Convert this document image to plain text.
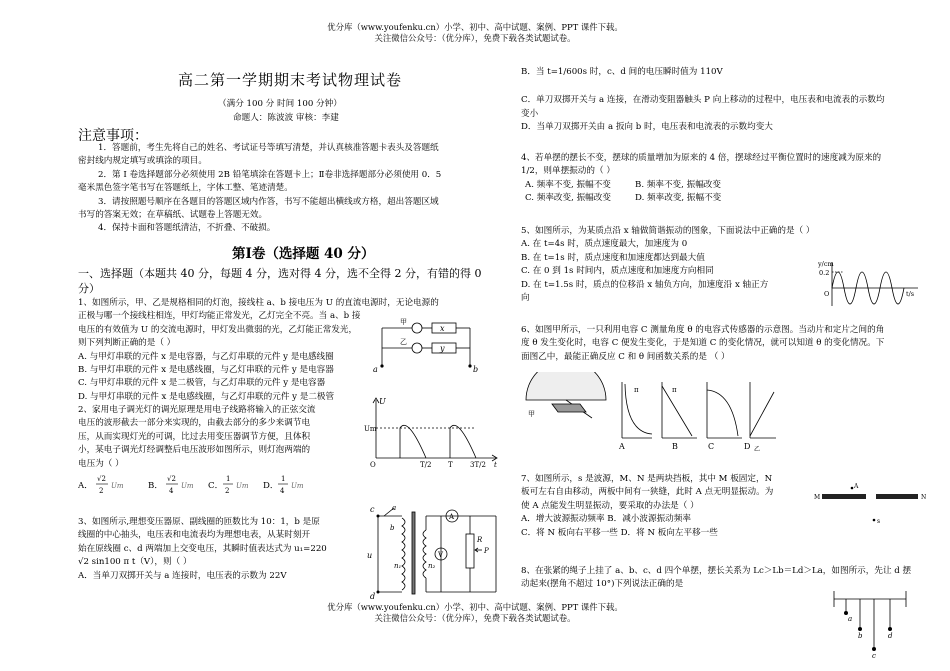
优分库（www.youfenku.cn）小学、初中、高中试题、案例、PPT 课件下载。
关注微信公众号：（优分库），免费下载各类试题试卷。
高二第一学期期末考试物理试卷
（满分 100 分 时间 100 分钟）
命题人：陈波波 审核：李建
注意事项：
1．答题前，考生先将自己的姓名、考试证号等填写清楚，并认真核准答题卡表头及答题纸
密封线内规定填写或填涂的项目。
2．第 I 卷选择题部分必须使用 2B 铅笔填涂在答题卡上；Ⅱ卷非选择题部分必须使用 0．5
毫米黑色签字笔书写在答题纸上，字体工整、笔迹清楚。
3．请按照题号顺序在各题目的答题区域内作答，书写不能超出横线或方格，超出答题区域
书写的答案无效；在草稿纸、试题卷上答题无效。
4．保持卡面和答题纸清洁，不折叠、不破损。
第Ⅰ卷（选择题 40 分）
一、选择题（本题共 40 分，每题 4 分，选对得 4 分，选不全得 2 分，有错的得 0
分）
1、如图所示，甲、乙是规格相同的灯泡，接线柱 a、b 接电压为 U 的直流电源时，无论电源的
正极与哪一个接线柱相连，甲灯均能正常发光，乙灯完全不亮。当 a、b 接
电压的有效值为 U 的交流电源时，甲灯发出微弱的光，乙灯能正常发光，
则下列判断正确的是（ ）
A. 与甲灯串联的元件 x 是电容器，与乙灯串联的元件 y 是电感线圈
B. 与甲灯串联的元件 x 是电感线圈，与乙灯串联的元件 y 是电容器
C. 与甲灯串联的元件 x 是二极管，与乙灯串联的元件 y 是电容器
D. 与甲灯串联的元件 x 是电感线圈，与乙灯串联的元件 y 是二极管
甲
乙
x
y
a	b
2、家用电子调光灯的调光原理是用电子线路将输入的正弦交流
电压的波形截去一部分来实现的，由截去部分的多少来调节电
压，从而实现灯光的可调，比过去用变压器调节方便，且体积
小，某电子调光灯经调整后电压波形如图所示，则灯泡两端的
电压为（ ）
A．
√2
2
Um	B．
√2
4
Um C．
1
2
Um D．
1
4
Um
U
Um
O	T/2 T 3T/2 t
3、如图所示,理想变压器原、副线圈的匝数比为 10：1，b 是原
线圈的中心抽头，电压表和电流表均为理想电表，从某时刻开
始在原线圈 c、d 两端加上交变电压，其瞬时值表达式为 u₁=220
√2 sin100 π t（V），则（ ）
A．当单刀双掷开关与 a 连接时，电压表的示数为 22V
c	a
b
d
u
n₁	n₂
A
V
R
P
B．当 t=1/600s 时，c、d 间的电压瞬时值为 110V
C．单刀双掷开关与 a 连接，在滑动变阻器触头 P 向上移动的过程中，电压表和电流表的示数均
变小
D．当单刀双掷开关由 a 扳向 b 时，电压表和电流表的示数均变大
4、若单摆的摆长不变，摆球的质量增加为原来的 4 倍，摆球经过平衡位置时的速度减为原来的
1/2，则单摆振动的（ ）
A. 频率不变, 振幅不变	B. 频率不变, 振幅改变
C. 频率改变, 振幅改变	D. 频率改变, 振幅不变
5、如图所示，为某质点沿 x 轴做简谐振动的图象，下面说法中正确的是（ ）
A. 在 t=4s 时，质点速度最大，加速度为 0
B. 在 t=1s 时，质点速度和加速度都达到最大值
C. 在 0 到 1s 时间内，质点速度和加速度方向相同
D. 在 t=1.5s 时，质点的位移沿 x 轴负方向，加速度沿 x 轴正方
向
y/cm
0.2
O	t/s
6、如图甲所示，一只利用电容 C 测量角度 θ 的电容式传感器的示意图。当动片和定片之间的角
度 θ 发生变化时，电容 C 便发生变化，于是知道 C 的变化情况，就可以知道 θ 的变化情况。下
面图乙中，最能正确反应 C 和 θ 间函数关系的是 （ ）
甲
π	π
A	B	C	D 乙
7、如图所示，s 是波源，M、N 是两块挡板，其中 M 板固定，N
板可左右自由移动，两板中间有一狭缝，此时 A 点无明显振动。为
使 A 点能发生明显振动，要采取的办法是（ ）
A．增大波源振动频率 B．减小波源振动频率
C．将 N 板向右平移一些 D．将 N 板向左平移一些
A
M	N
s
8、在张紧的绳子上挂了 a、b、c、d 四个单摆，摆长关系为 Lc＞Lb＝Ld＞La，如图所示，先让 d 摆
动起来(摆角不超过 10°)下列说法正确的是
a
b
c
d
优分库（www.youfenku.cn）小学、初中、高中试题、案例、PPT 课件下载。
关注微信公众号：（优分库），免费下载各类试题试卷。
